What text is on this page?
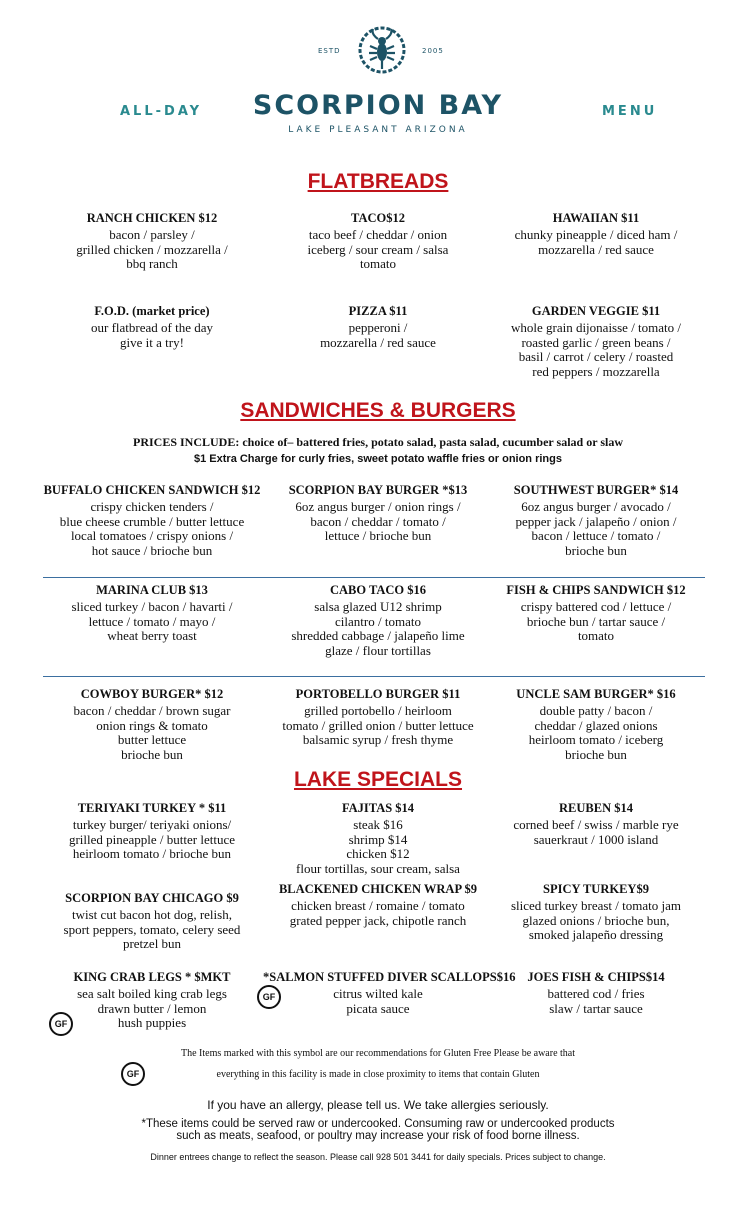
ESTD	2005
SCORPION BAY
LAKE PLEASANT ARIZONA
ALL-DAY	MENU
FLATBREADS
SANDWICHES & BURGERS
PRICES INCLUDE: choice of– battered fries, potato salad, pasta salad, cucumber salad or slaw
$1 Extra Charge for curly fries, sweet potato waffle fries or onion rings
LAKE SPECIALS
GF
GF
GF
The Items marked with this symbol are our recommendations for Gluten Free Please be aware that
everything in this facility is made in close proximity to items that contain Gluten
If you have an allergy, please tell us. We take allergies seriously.
*These items could be served raw or undercooked. Consuming raw or undercooked products
such as meats, seafood, or poultry may increase your risk of food borne illness.
Dinner entrees change to reflect the season. Please call 928 501 3441 for daily specials. Prices subject to change.
RANCH CHICKEN $12
bacon / parsley /
grilled chicken / mozzarella /
bbq ranch
TACO$12
taco beef / cheddar / onion
iceberg / sour cream / salsa
tomato
HAWAIIAN $11
chunky pineapple / diced ham /
mozzarella / red sauce
F.O.D. (market price)
our flatbread of the day
give it a try!
PIZZA $11
pepperoni /
mozzarella / red sauce
GARDEN VEGGIE $11
whole grain dijonaisse / tomato /
roasted garlic / green beans /
basil / carrot / celery / roasted
red peppers / mozzarella
BUFFALO CHICKEN SANDWICH $12
crispy chicken tenders /
blue cheese crumble / butter lettuce
local tomatoes / crispy onions /
hot sauce / brioche bun
SCORPION BAY BURGER *$13
6oz angus burger / onion rings /
bacon / cheddar / tomato /
lettuce / brioche bun
SOUTHWEST BURGER* $14
6oz angus burger / avocado /
pepper jack / jalapeño / onion /
bacon / lettuce / tomato /
brioche bun
MARINA CLUB $13
sliced turkey / bacon / havarti /
lettuce / tomato / mayo /
wheat berry toast
CABO TACO $16
salsa glazed U12 shrimp
cilantro / tomato
shredded cabbage / jalapeño lime
glaze / flour tortillas
FISH & CHIPS SANDWICH $12
crispy battered cod / lettuce /
brioche bun / tartar sauce /
tomato
COWBOY BURGER* $12
bacon / cheddar / brown sugar
onion rings & tomato
butter lettuce
brioche bun
PORTOBELLO BURGER $11
grilled portobello / heirloom
tomato / grilled onion / butter lettuce
balsamic syrup / fresh thyme
UNCLE SAM BURGER* $16
double patty / bacon /
cheddar / glazed onions
heirloom tomato / iceberg
brioche bun
TERIYAKI TURKEY * $11
turkey burger/ teriyaki onions/
grilled pineapple / butter lettuce
heirloom tomato / brioche bun
FAJITAS $14
steak $16
shrimp $14
chicken $12
flour tortillas, sour cream, salsa
REUBEN $14
corned beef / swiss / marble rye
sauerkraut / 1000 island
SCORPION BAY CHICAGO $9
twist cut bacon hot dog, relish,
sport peppers, tomato, celery seed
pretzel bun
BLACKENED CHICKEN WRAP $9
chicken breast / romaine / tomato
grated pepper jack, chipotle ranch
SPICY TURKEY$9
sliced turkey breast / tomato jam
glazed onions / brioche bun,
smoked jalapeño dressing
KING CRAB LEGS * $MKT
sea salt boiled king crab legs
drawn butter / lemon
hush puppies
*SALMON STUFFED DIVER SCALLOPS$16
citrus wilted kale
picata sauce
JOES FISH & CHIPS$14
battered cod / fries
slaw / tartar sauce
